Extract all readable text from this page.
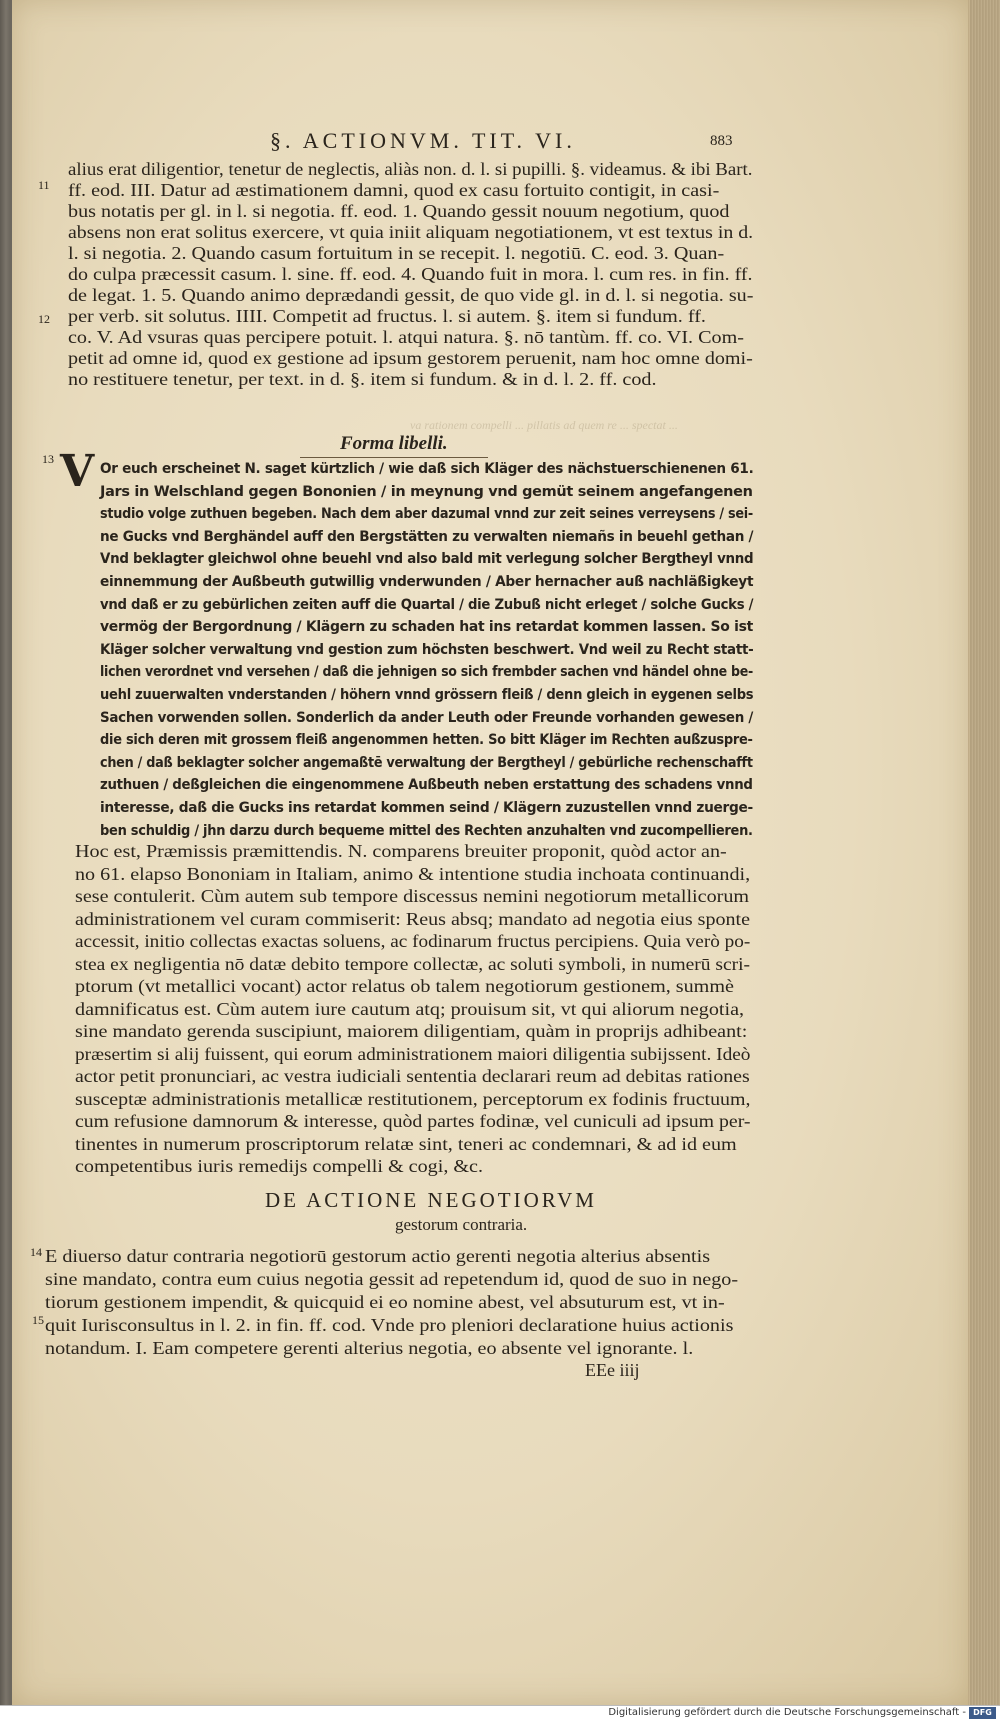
§. ACTIONVM. TIT. VI.	883
alius erat diligentior, tenetur de neglectis, aliàs non. d. l. si pupilli. §. videamus. & ibi Bart.
ff. eod. III. Datur ad æstimationem damni, quod ex casu fortuito contigit, in casi-
bus notatis per gl. in l. si negotia. ff. eod. 1. Quando gessit nouum negotium, quod
absens non erat solitus exercere, vt quia iniit aliquam negotiationem, vt est textus in d.
l. si negotia. 2. Quando casum fortuitum in se recepit. l. negotiū. C. eod. 3. Quan-
do culpa præcessit casum. l. sine. ff. eod. 4. Quando fuit in mora. l. cum res. in fin. ff.
de legat. 1. 5. Quando animo deprædandi gessit, de quo vide gl. in d. l. si negotia. su-
per verb. sit solutus. IIII. Competit ad fructus. l. si autem. §. item si fundum. ff.
co. V. Ad vsuras quas percipere potuit. l. atqui natura. §. nō tantùm. ff. co. VI. Com-
petit ad omne id, quod ex gestione ad ipsum gestorem peruenit, nam hoc omne domi-
no restituere tenetur, per text. in d. §. item si fundum. & in d. l. 2. ff. cod.
va rationem compelli ... pillatis ad quem re ... spectat ...
Forma libelli.
V Or euch erscheinet N. saget kürtzlich / wie daß sich Kläger des nächstuerschienenen 61.
Jars in Welschland gegen Bononien / in meynung vnd gemüt seinem angefangenen
studio volge zuthuen begeben. Nach dem aber dazumal vnnd zur zeit seines verreysens / sei-
ne Gucks vnd Berghändel auff den Bergstätten zu verwalten niemañs in beuehl gethan /
Vnd beklagter gleichwol ohne beuehl vnd also bald mit verlegung solcher Bergtheyl vnnd
einnemmung der Außbeuth gutwillig vnderwunden / Aber hernacher auß nachläßigkeyt
vnd daß er zu gebürlichen zeiten auff die Quartal / die Zubuß nicht erleget / solche Gucks /
vermög der Bergordnung / Klägern zu schaden hat ins retardat kommen lassen. So ist
Kläger solcher verwaltung vnd gestion zum höchsten beschwert. Vnd weil zu Recht statt-
lichen verordnet vnd versehen / daß die jehnigen so sich frembder sachen vnd händel ohne be-
uehl zuuerwalten vnderstanden / höhern vnnd grössern fleiß / denn gleich in eygenen selbs
Sachen vorwenden sollen. Sonderlich da ander Leuth oder Freunde vorhanden gewesen /
die sich deren mit grossem fleiß angenommen hetten. So bitt Kläger im Rechten außzuspre-
chen / daß beklagter solcher angemaßtē verwaltung der Bergtheyl / gebürliche rechenschafft
zuthuen / deßgleichen die eingenommene Außbeuth neben erstattung des schadens vnnd
interesse, daß die Gucks ins retardat kommen seind / Klägern zuzustellen vnnd zuerge-
ben schuldig / jhn darzu durch bequeme mittel des Rechten anzuhalten vnd zucompellieren.
Hoc est, Præmissis præmittendis. N. comparens breuiter proponit, quòd actor an-
no 61. elapso Bononiam in Italiam, animo & intentione studia inchoata continuandi,
sese contulerit. Cùm autem sub tempore discessus nemini negotiorum metallicorum
administrationem vel curam commiserit: Reus absq; mandato ad negotia eius sponte
accessit, initio collectas exactas soluens, ac fodinarum fructus percipiens. Quia verò po-
stea ex negligentia nō datæ debito tempore collectæ, ac soluti symboli, in numerū scri-
ptorum (vt metallici vocant) actor relatus ob talem negotiorum gestionem, summè
damnificatus est. Cùm autem iure cautum atq; prouisum sit, vt qui aliorum negotia,
sine mandato gerenda suscipiunt, maiorem diligentiam, quàm in proprijs adhibeant:
præsertim si alij fuissent, qui eorum administrationem maiori diligentia subijssent. Ideò
actor petit pronunciari, ac vestra iudiciali sententia declarari reum ad debitas rationes
susceptæ administrationis metallicæ restitutionem, perceptorum ex fodinis fructuum,
cum refusione damnorum & interesse, quòd partes fodinæ, vel cuniculi ad ipsum per-
tinentes in numerum proscriptorum relatæ sint, teneri ac condemnari, & ad id eum
competentibus iuris remedijs compelli & cogi, &c.
DE ACTIONE NEGOTIORVM
gestorum contraria.
E diuerso datur contraria negotiorū gestorum actio gerenti negotia alterius absentis
sine mandato, contra eum cuius negotia gessit ad repetendum id, quod de suo in nego-
tiorum gestionem impendit, & quicquid ei eo nomine abest, vel absuturum est, vt in-
quit Iurisconsultus in l. 2. in fin. ff. cod. Vnde pro pleniori declaratione huius actionis
notandum. I. Eam competere gerenti alterius negotia, eo absente vel ignorante. l.
EEe iiij
11
12
13
14
15
Digitalisierung gefördert durch die Deutsche Forschungsgemeinschaft - DFG
